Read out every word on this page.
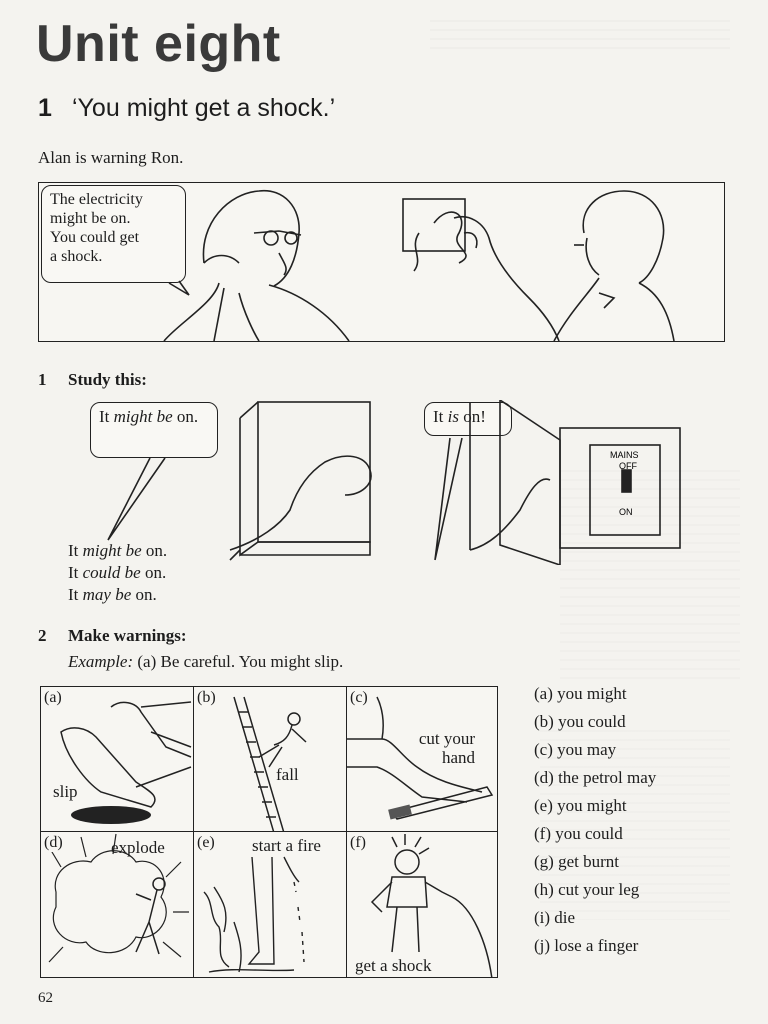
Unit eight
1 ‘You might get a shock.’
Alan is warning Ron.
The electricity
might be on.
You could get
a shock.
1 Study this:
It might be on.	It is on!
MAINS
OFF
ON
It might be on.
It could be on.
It may be on.
2 Make warnings:
Example: (a) Be careful. You might slip.
(a)
slip
(b)
fall
(c)
cut your hand
(d)	explode (e) start a fire (f)
get a shock
(a) you might
(b) you could
(c) you may
(d) the petrol may
(e) you might
(f) you could
(g) get burnt
(h) cut your leg
(i) die
(j) lose a finger
62
